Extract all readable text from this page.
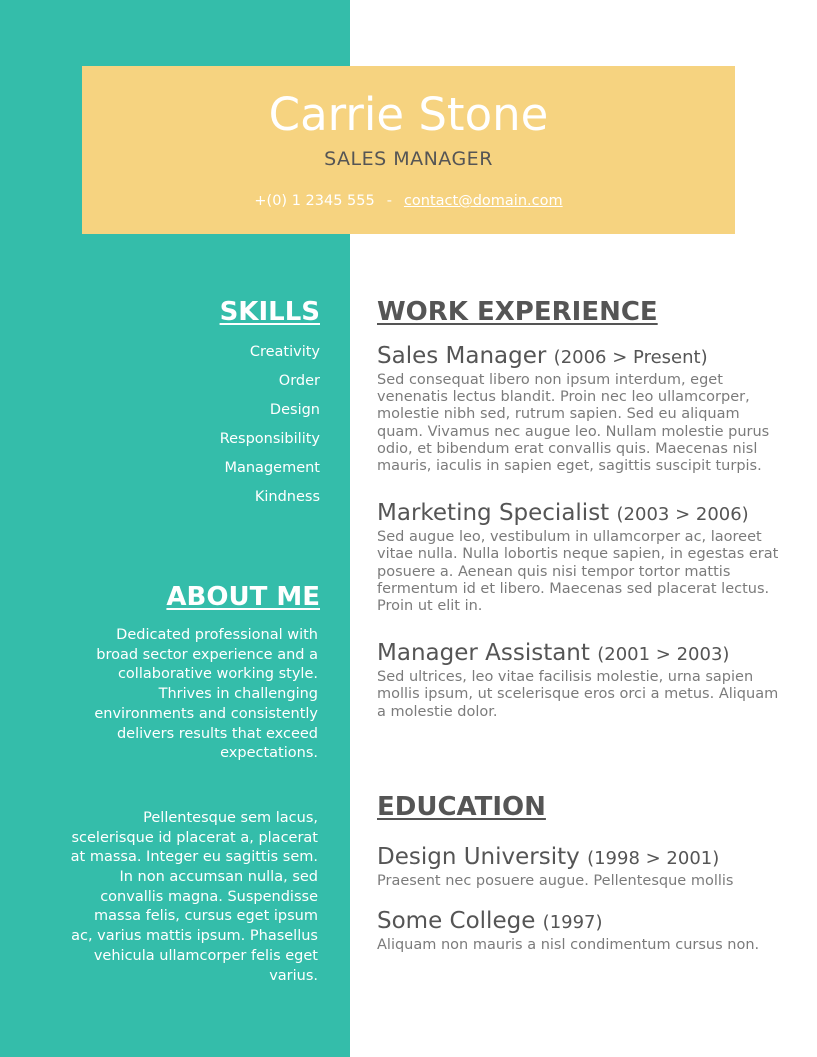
Carrie Stone
SALES MANAGER
+(0) 1 2345 555 - contact@domain.com
SKILLS
Creativity
Order
Design
Responsibility
Management
Kindness
ABOUT ME

Dedicated professional with broad sector experience and a collaborative working style. Thrives in challenging environments and consistently delivers results that exceed expectations.

Pellentesque sem lacus, scelerisque id placerat a, placerat at massa. Integer eu sagittis sem. In non accumsan nulla, sed convallis magna. Suspendisse massa felis, cursus eget ipsum ac, varius mattis ipsum. Phasellus vehicula ullamcorper felis eget varius.

WORK EXPERIENCE

Sales Manager (2006 > Present)

Sed consequat libero non ipsum interdum, eget venenatis lectus blandit. Proin nec leo ullamcorper, molestie nibh sed, rutrum sapien. Sed eu aliquam quam. Vivamus nec augue leo. Nullam molestie purus odio, et bibendum erat convallis quis. Maecenas nisl mauris, iaculis in sapien eget, sagittis suscipit turpis.

Marketing Specialist (2003 > 2006)

Sed augue leo, vestibulum in ullamcorper ac, laoreet vitae nulla. Nulla lobortis neque sapien, in egestas erat posuere a. Aenean quis nisi tempor tortor mattis fermentum id et libero. Maecenas sed placerat lectus. Proin ut elit in.

Manager Assistant (2001 > 2003)

Sed ultrices, leo vitae facilisis molestie, urna sapien mollis ipsum, ut scelerisque eros orci a metus. Aliquam a molestie dolor.

EDUCATION

Design University (1998 > 2001)

Praesent nec posuere augue. Pellentesque mollis

Some College (1997)

Aliquam non mauris a nisl condimentum cursus non.
